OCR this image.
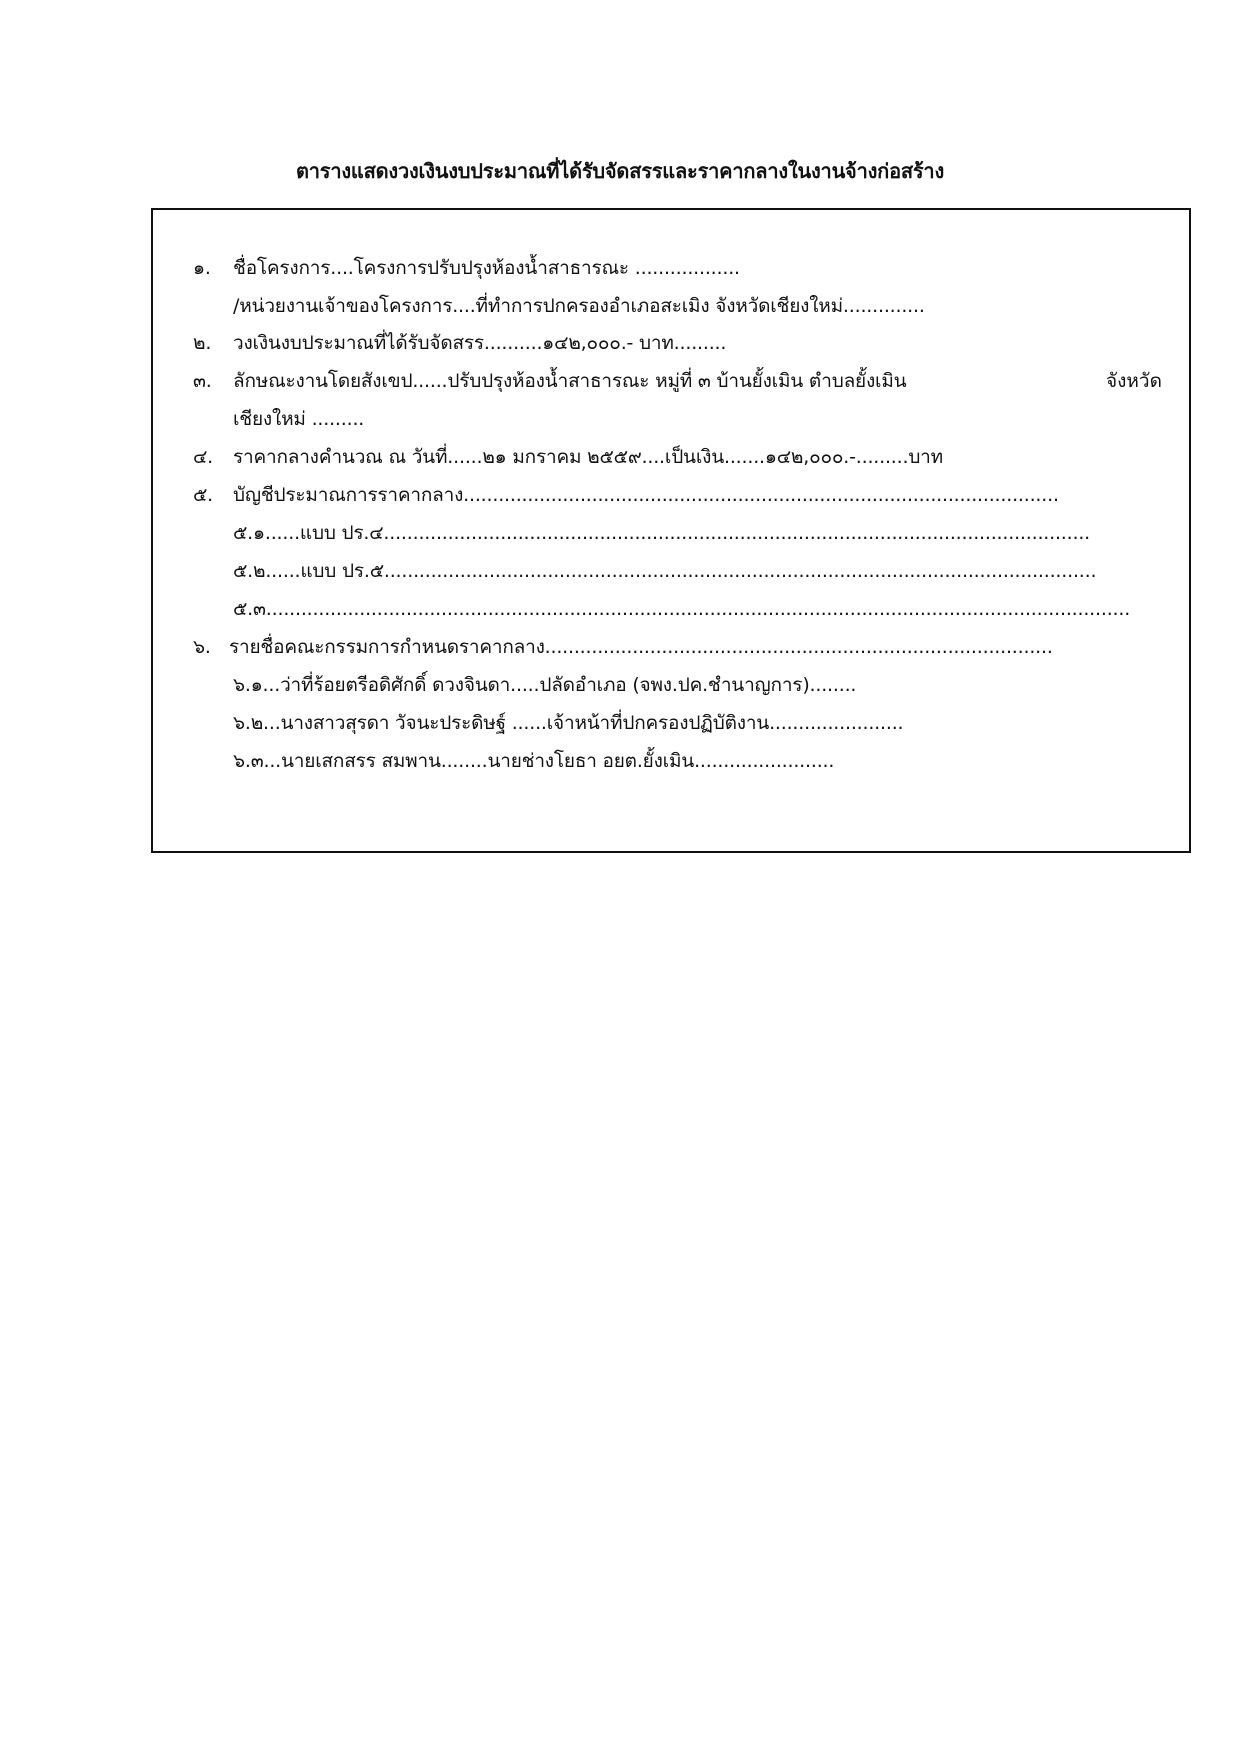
ตารางแสดงวงเงินงบประมาณที่ได้รับจัดสรรและราคากลางในงานจ้างก่อสร้าง
๑. ชื่อโครงการ....โครงการปรับปรุงห้องน้ำสาธารณะ ..................
/หน่วยงานเจ้าของโครงการ....ที่ทำการปกครองอำเภอสะเมิง จังหวัดเชียงใหม่..............
๒. วงเงินงบประมาณที่ได้รับจัดสรร..........๑๔๒,๐๐๐.- บาท.........
๓. ลักษณะงานโดยสังเขป......ปรับปรุงห้องน้ำสาธารณะ หมู่ที่ ๓ บ้านยั้งเมิน ตำบลยั้งเมิน	จังหวัด
เชียงใหม่ .........
๔. ราคากลางคำนวณ ณ วันที่......๒๑ มกราคม ๒๕๕๙....เป็นเงิน.......๑๔๒,๐๐๐.-.........บาท
๕. บัญชีประมาณการราคากลาง......................................................................................................
๕.๑......แบบ ปร.๔.........................................................................................................................
๕.๒......แบบ ปร.๕..........................................................................................................................
๕.๓....................................................................................................................................................
๖. รายชื่อคณะกรรมการกำหนดราคากลาง.......................................................................................
๖.๑...ว่าที่ร้อยตรีอดิศักดิ์ ดวงจินดา.....ปลัดอำเภอ (จพง.ปค.ชำนาญการ)........
๖.๒...นางสาวสุรดา วัจนะประดิษฐ์ ......เจ้าหน้าที่ปกครองปฏิบัติงาน.......................
๖.๓...นายเสกสรร สมพาน........นายช่างโยธา อยต.ยั้งเมิน........................
